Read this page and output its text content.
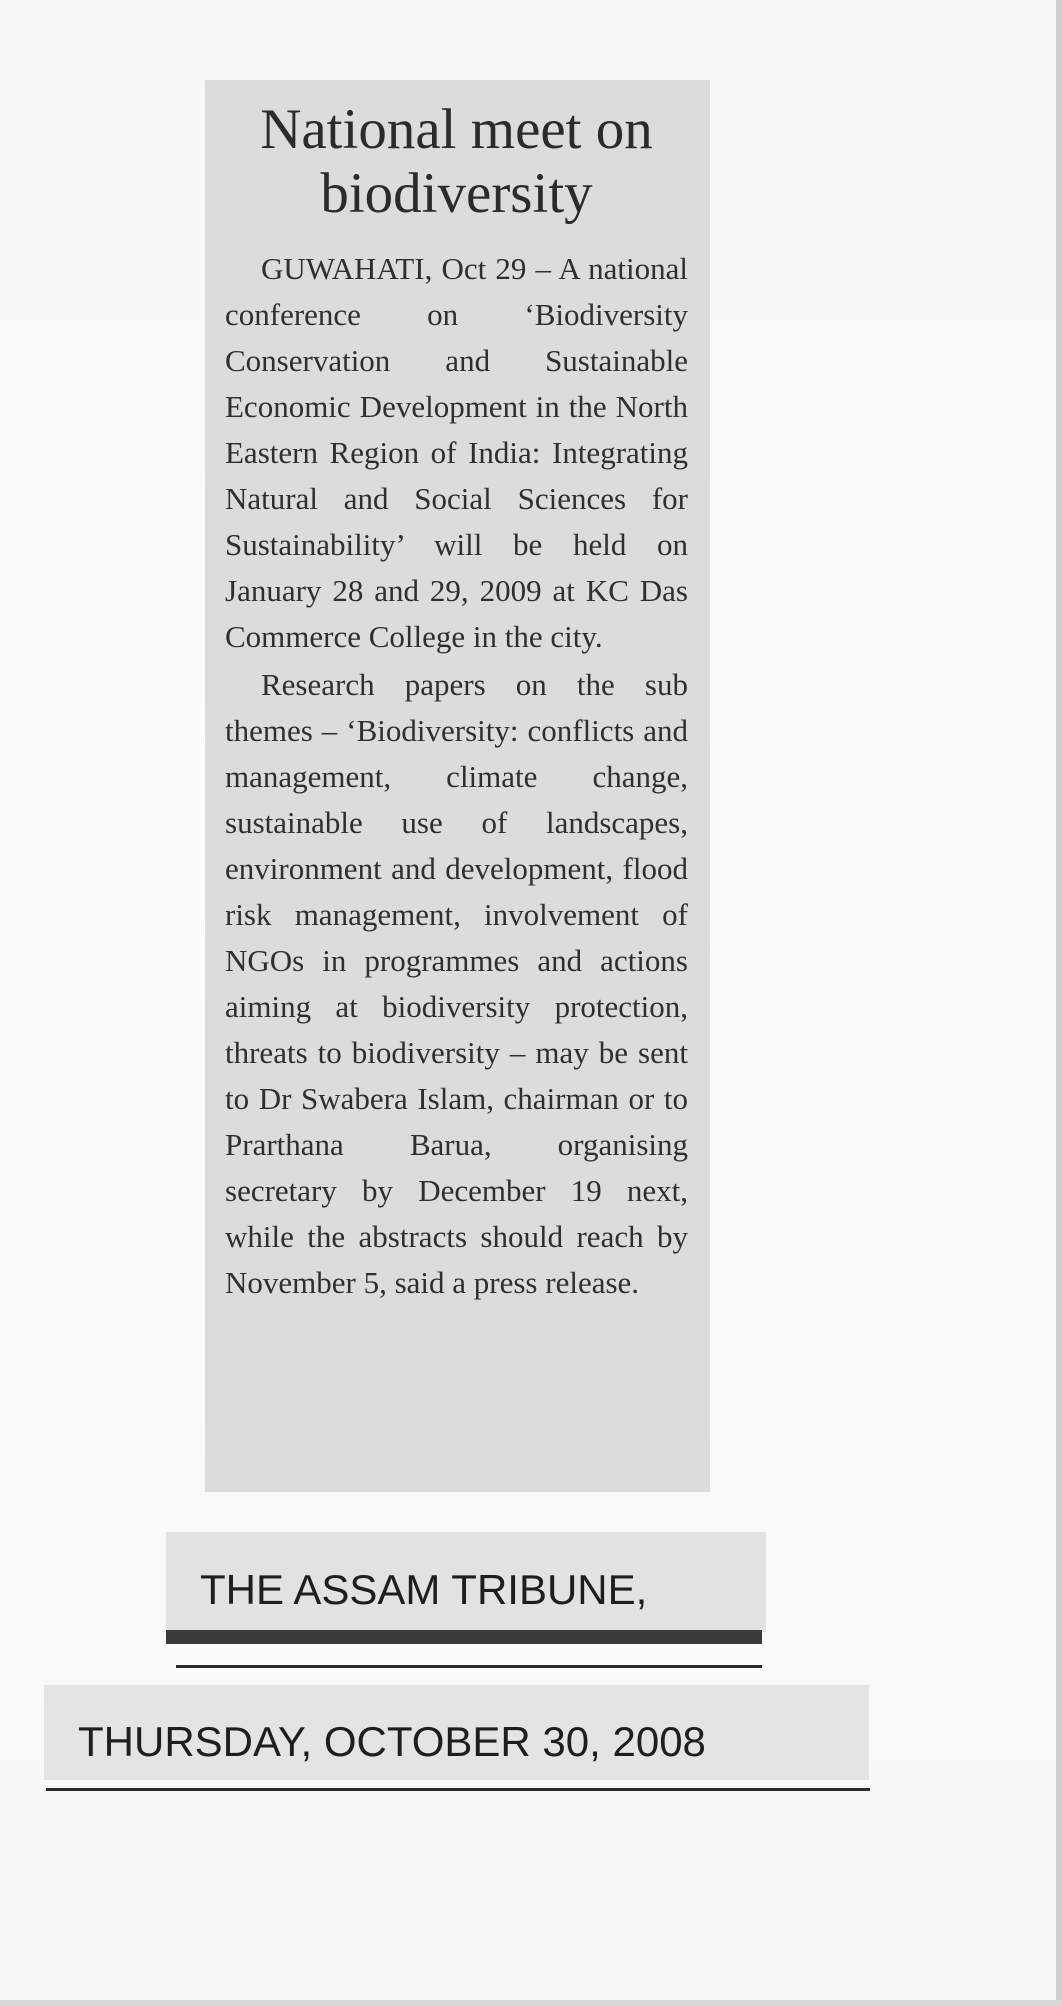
National meet on biodiversity

GUWAHATI, Oct 29 – A national conference on ‘Biodiversity Conservation and Sustainable Economic Development in the North Eastern Region of India: Integrating Natural and Social Sciences for Sustainability’ will be held on January 28 and 29, 2009 at KC Das Commerce College in the city.

Research papers on the sub themes – ‘Biodiversity: conflicts and management, climate change, sustainable use of landscapes, environment and development, flood risk management, involvement of NGOs in programmes and actions aiming at biodiversity protection, threats to biodiversity – may be sent to Dr Swabera Islam, chairman or to Prarthana Barua, organising secretary by December 19 next, while the abstracts should reach by November 5, said a press release.

THE ASSAM TRIBUNE,

THURSDAY, OCTOBER 30, 2008
